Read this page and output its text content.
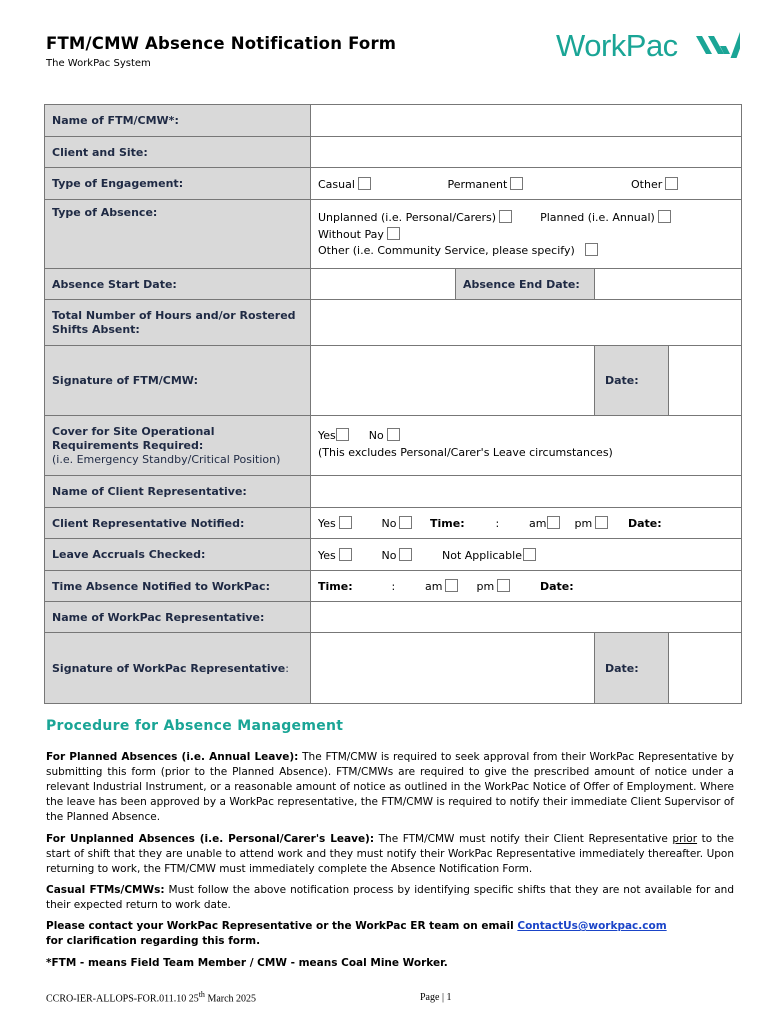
FTM/CMW Absence Notification Form
The WorkPac System
WorkPac
Name of FTM/CMW*:			
Client and Site:			
Type of Engagement:	Casual Permanent Other		
Type of Absence:	Unplanned (i.e. Personal/Carers) Planned (i.e. Annual)
Without Pay
Other (i.e. Community Service, please specify)		

Absence Start Date:		Absence End Date:	
Total Number of Hours and/or Rostered Shifts Absent:			
Signature of FTM/CMW:			Date:

Cover for Site Operational
Requirements Required:
(i.e. Emergency Standby/Critical Position)	Yes No
(This excludes Personal/Carer's Leave circumstances)		

Name of Client Representative:			
Client Representative Notified:	Yes No Time: : am pm Date:		
Leave Accruals Checked:	Yes No Not Applicable		
Time Absence Notified to WorkPac:	Time: : am pm Date:		
Name of WorkPac Representative:			
Signature of WorkPac Representative:			Date:
Procedure for Absence Management
For Planned Absences (i.e. Annual Leave): The FTM/CMW is required to seek approval from their WorkPac Representative by submitting this form (prior to the Planned Absence). FTM/CMWs are required to give the prescribed amount of notice under a relevant Industrial Instrument, or a reasonable amount of notice as outlined in the WorkPac Notice of Offer of Employment. Where the leave has been approved by a WorkPac representative, the FTM/CMW is required to notify their immediate Client Supervisor of the Planned Absence.
For Unplanned Absences (i.e. Personal/Carer's Leave): The FTM/CMW must notify their Client Representative prior to the start of shift that they are unable to attend work and they must notify their WorkPac Representative immediately thereafter. Upon returning to work, the FTM/CMW must immediately complete the Absence Notification Form.
Casual FTMs/CMWs: Must follow the above notification process by identifying specific shifts that they are not available for and their expected return to work date.
Please contact your WorkPac Representative or the WorkPac ER team on email ContactUs@workpac.com
for clarification regarding this form.
*FTM - means Field Team Member / CMW - means Coal Mine Worker.
CCRO-IER-ALLOPS-FOR.011.10 25th March 2025	Page | 1
